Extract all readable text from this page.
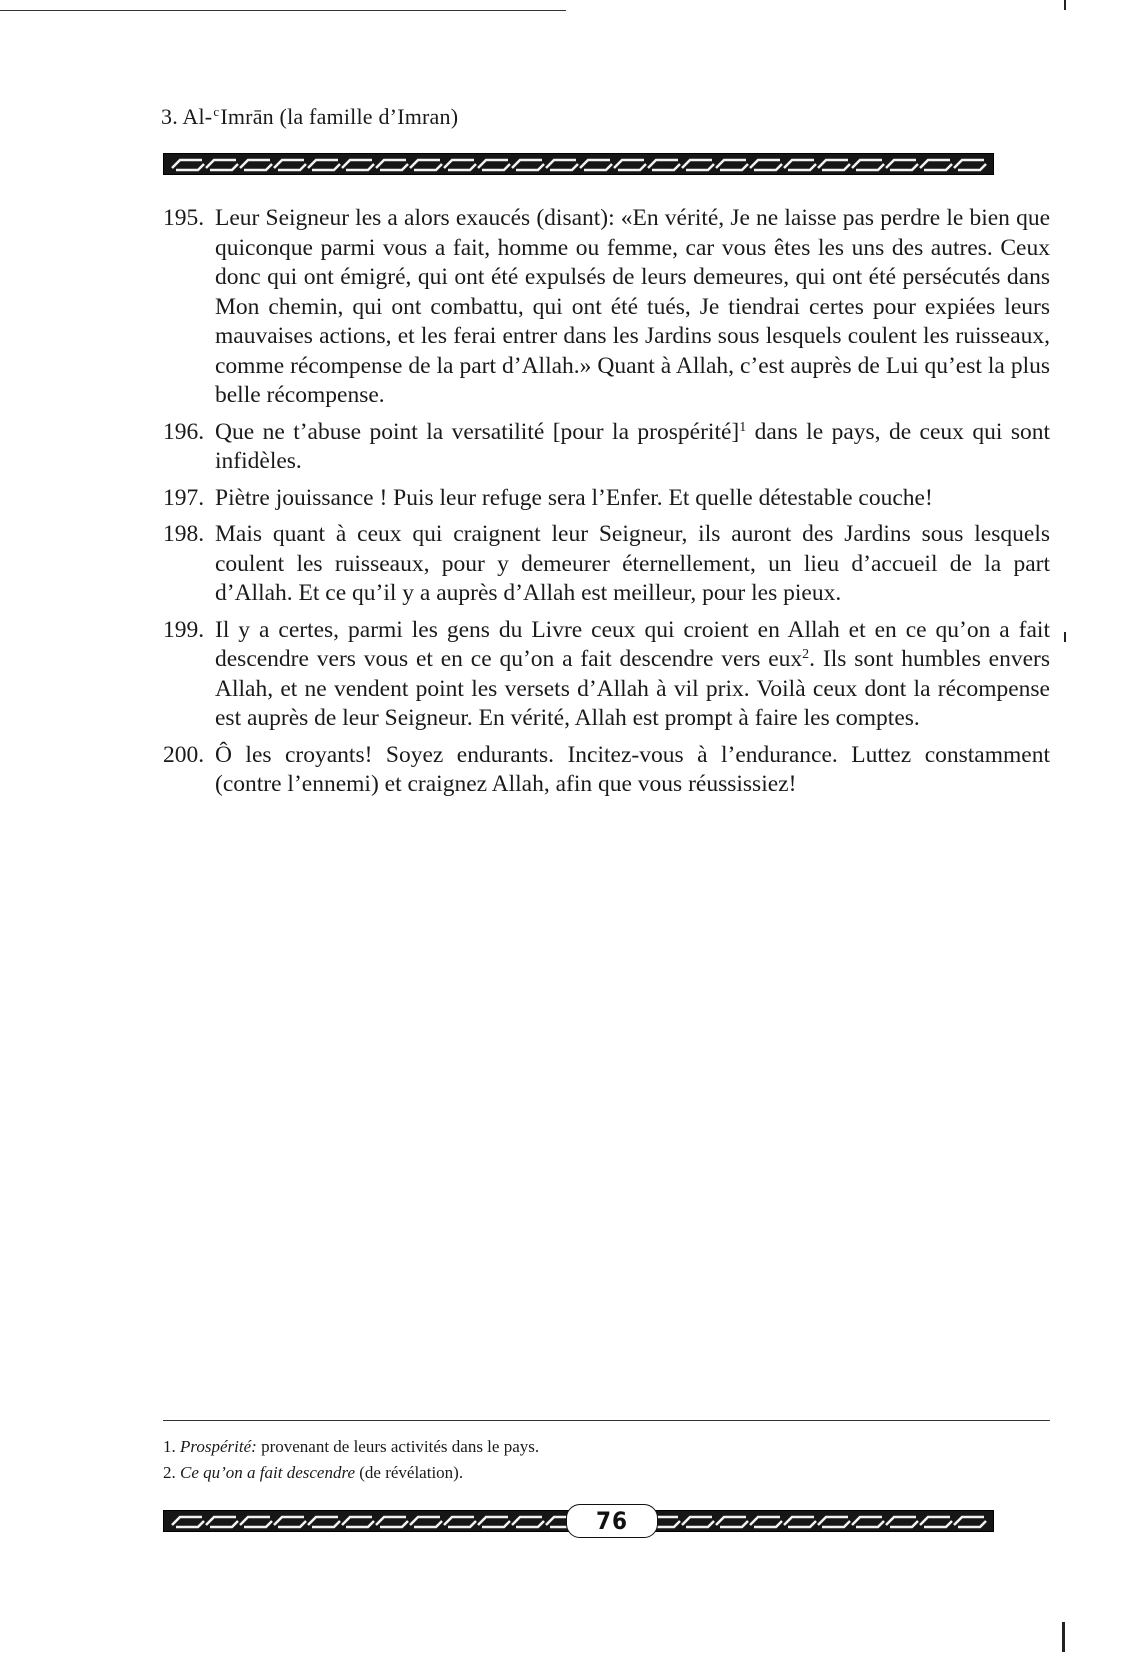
3. Al-$^c$Imrān (la famille d’Imran)
195. Leur Seigneur les a alors exaucés (disant): «En vérité, Je ne laisse pas perdre le bien que quiconque parmi vous a fait, homme ou femme, car vous êtes les uns des autres. Ceux donc qui ont émigré, qui ont été expulsés de leurs demeures, qui ont été persécutés dans Mon chemin, qui ont combattu, qui ont été tués, Je tiendrai certes pour expiées leurs mauvaises actions, et les ferai entrer dans les Jardins sous lesquels coulent les ruisseaux, comme récompense de la part d’Allah.» Quant à Allah, c’est auprès de Lui qu’est la plus belle récompense.
196. Que ne t’abuse point la versatilité [pour la prospérité]$^1$ dans le pays, de ceux qui sont infidèles.
197. Piètre jouissance ! Puis leur refuge sera l’Enfer. Et quelle détestable couche!
198. Mais quant à ceux qui craignent leur Seigneur, ils auront des Jardins sous lesquels coulent les ruisseaux, pour y demeurer éternellement, un lieu d’accueil de la part d’Allah. Et ce qu’il y a auprès d’Allah est meilleur, pour les pieux.
199. Il y a certes, parmi les gens du Livre ceux qui croient en Allah et en ce qu’on a fait descendre vers vous et en ce qu’on a fait descendre vers eux$^2$. Ils sont humbles envers Allah, et ne vendent point les versets d’Allah à vil prix. Voilà ceux dont la récompense est auprès de leur Seigneur. En vérité, Allah est prompt à faire les comptes.
200. Ô les croyants! Soyez endurants. Incitez-vous à l’endurance. Luttez constamment (contre l’ennemi) et craignez Allah, afin que vous réussissiez!
1. Prospérité: provenant de leurs activités dans le pays.
2. Ce qu’on a fait descendre (de révélation).
76
